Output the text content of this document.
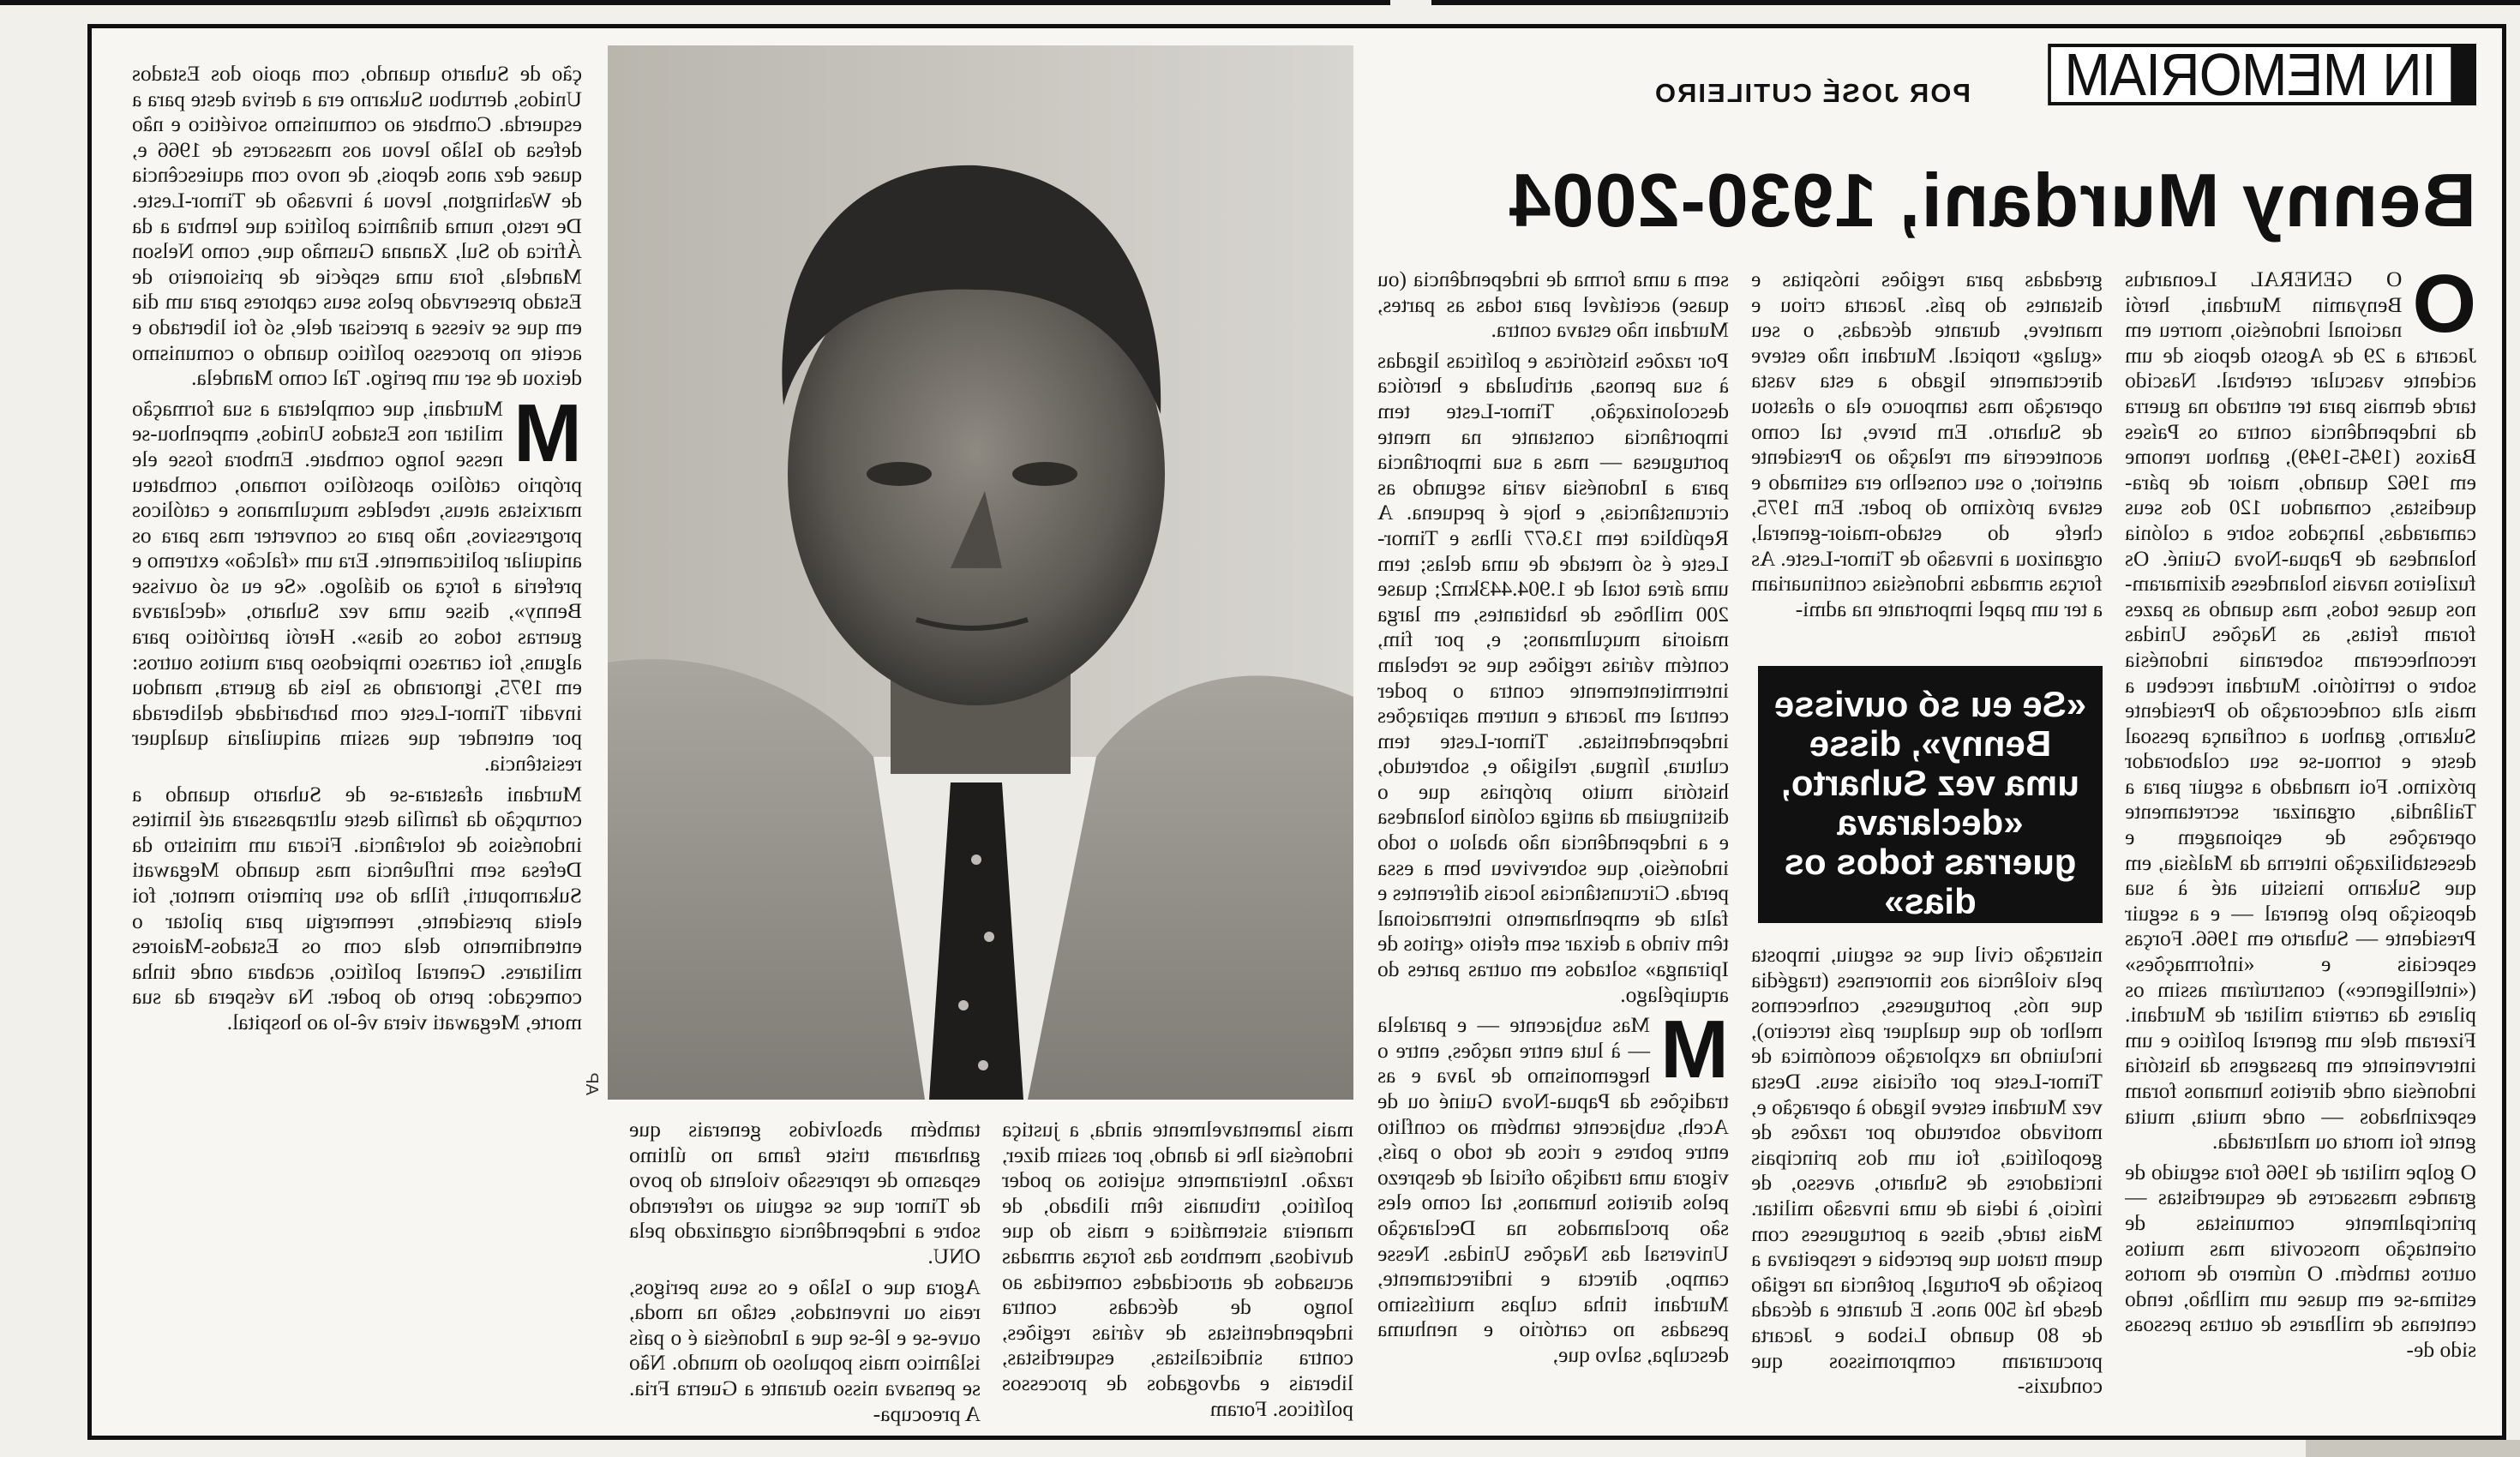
IN MEMORIAM
POR JOSÉ CUTILEIRO
Benny Murdani, 1930-2004

O
O GENERAL Leonardus Benyamin Murdani, herói nacional indonésio, morreu em Jacarta a 29 de Agosto depois de um acidente vascular cerebral. Nascido tarde demais para ter entrado na guerra da independência contra os Países Baixos (1945-1949), ganhou renome em 1962 quando, maior de pára-quedistas, comandou 120 dos seus camaradas, lançados sobre a colónia holandesa de Papua-Nova Guiné. Os fuzileiros navais holandeses dizimaram-nos quase todos, mas quando as pazes foram feitas, as Nações Unidas reconheceram soberania indonésia sobre o território. Murdani recebeu a mais alta condecoração do Presidente Sukarno, ganhou a confiança pessoal deste e tornou-se seu colaborador próximo. Foi mandado a seguir para a Tailândia, organizar secretamente operações de espionagem e desestabilização interna da Malásia, em que Sukarno insistiu até à sua deposição pelo general — e a seguir Presidente — Suharto em 1966. Forças especiais e «informações» («intelligence») construíram assim os pilares da carreira militar de Murdani. Fizeram dele um general político e um interveniente em passagens da história indonésia onde direitos humanos foram espezinhados — onde muita, muita gente foi morta ou maltratada.

O golpe militar de 1966 fora seguido de grandes massacres de esquerdistas — principalmente comunistas de orientação moscovita mas muitos outros também. O número de mortos estima-se em quase um milhão, tendo centenas de milhares de outras pessoas sido de-

gredadas para regiões inóspitas e distantes do país. Jacarta criou e manteve, durante décadas, o seu «gulag» tropical. Murdani não esteve directamente ligado a esta vasta operação mas tampouco ela o afastou de Suharto. Em breve, tal como aconteceria em relação ao Presidente anterior, o seu conselho era estimado e estava próximo do poder. Em 1975, chefe do estado-maior-general, organizou a invasão de Timor-Leste. As forças armadas indonésias continuariam a ter um papel importante na admi-

«Se eu só ouvisse Benny», disse uma vez Suharto, «declarava guerras todos os dias»

nistração civil que se seguiu, imposta pela violência aos timorenses (tragédia que nós, portugueses, conhecemos melhor do que qualquer país terceiro), incluindo na exploração económica de Timor-Leste por oficiais seus. Desta vez Murdani esteve ligado à operação e, motivado sobretudo por razões de geopolítica, foi um dos principais incitadores de Suharto, avesso, de início, à ideia de uma invasão militar. Mais tarde, disse a portugueses com quem tratou que percebia e respeitava a posição de Portugal, potência na região desde há 500 anos. E durante a década de 80 quando Lisboa e Jacarta procuraram compromissos que conduzis-

sem a uma forma de independência (ou quase) aceitável para todas as partes, Murdani não estava contra.

Por razões históricas e políticas ligadas à sua penosa, atribulada e heróica descolonização, Timor-Leste tem importância constante na mente portuguesa — mas a sua importância para a Indonésia varia segundo as circunstâncias, e hoje é pequena. A República tem 13.677 ilhas e Timor-Leste é só metade de uma delas; tem uma área total de 1.904.443km2; quase 200 milhões de habitantes, em larga maioria muçulmanos; e, por fim, contém várias regiões que se rebelam intermitentemente contra o poder central em Jacarta e nutrem aspirações independentistas. Timor-Leste tem cultura, língua, religião e, sobretudo, história muito próprias que o distinguiam da antiga colónia holandesa e a independência não abalou o todo indonésio, que sobreviveu bem a essa perda. Circunstâncias locais diferentes e falta de empenhamento internacional têm vindo a deixar sem efeito «gritos de Ipiranga» soltados em outras partes do arquipélago.

M
Mas subjacente — e paralela — à luta entre nações, entre o hegemonismo de Java e as tradições da Papua-Nova Guiné ou de Aceh, subjacente também ao conflito entre pobres e ricos de todo o país, vigora uma tradição oficial de desprezo pelos direitos humanos, tal como eles são proclamados na Declaração Universal das Nações Unidas. Nesse campo, directa e indirectamente, Murdani tinha culpas muitíssimo pesadas no cartório e nenhuma desculpa, salvo que,

AP

mais lamentavelmente ainda, a justiça indonésia lhe ia dando, por assim dizer, razão. Inteiramente sujeitos ao poder político, tribunais têm ilibado, de maneira sistemática e mais do que duvidosa, membros das forças armadas acusados de atrocidades cometidas ao longo de décadas contra independentistas de várias regiões, contra sindicalistas, esquerdistas, liberais e advogados de processos políticos. Foram

também absolvidos generais que ganharam triste fama no último espasmo de repressão violenta do povo de Timor que se seguiu ao referendo sobre a independência organizado pela ONU.

Agora que o Islão e os seus perigos, reais ou inventados, estão na moda, ouve-se e lê-se que a Indonésia é o país islâmico mais populoso do mundo. Não se pensava nisso durante a Guerra Fria. A preocupa-

ção de Suharto quando, com apoio dos Estados Unidos, derrubou Sukarno era a deriva deste para a esquerda. Combate ao comunismo soviético e não defesa do Islão levou aos massacres de 1966 e, quase dez anos depois, de novo com aquiescência de Washington, levou à invasão de Timor-Leste. De resto, numa dinâmica política que lembra a da África do Sul, Xanana Gusmão que, como Nelson Mandela, fora uma espécie de prisioneiro de Estado preservado pelos seus captores para um dia em que se viesse a precisar dele, só foi libertado e aceite no processo político quando o comunismo deixou de ser um perigo. Tal como Mandela.

M
Murdani, que completara a sua formação militar nos Estados Unidos, empenhou-se nesse longo combate. Embora fosse ele próprio católico apostólico romano, combateu marxistas ateus, rebeldes muçulmanos e católicos progressivos, não para os converter mas para os aniquilar politicamente. Era um «falcão» extremo e preferia a força ao diálogo. «Se eu só ouvisse Benny», disse uma vez Suharto, «declarava guerras todos os dias». Herói patriótico para alguns, foi carrasco impiedoso para muitos outros: em 1975, ignorando as leis da guerra, mandou invadir Timor-Leste com barbaridade deliberada por entender que assim aniquilaria qualquer resistência.

Murdani afastara-se de Suharto quando a corrupção da família deste ultrapassara até limites indonésios de tolerância. Ficara um ministro da Defesa sem influência mas quando Megawati Sukarnoputri, filha do seu primeiro mentor, foi eleita presidente, reemergiu para pilotar o entendimento dela com os Estados-Maiores militares. General político, acabara onde tinha começado: perto do poder. Na véspera da sua morte, Megawati viera vê-lo ao hospital.
